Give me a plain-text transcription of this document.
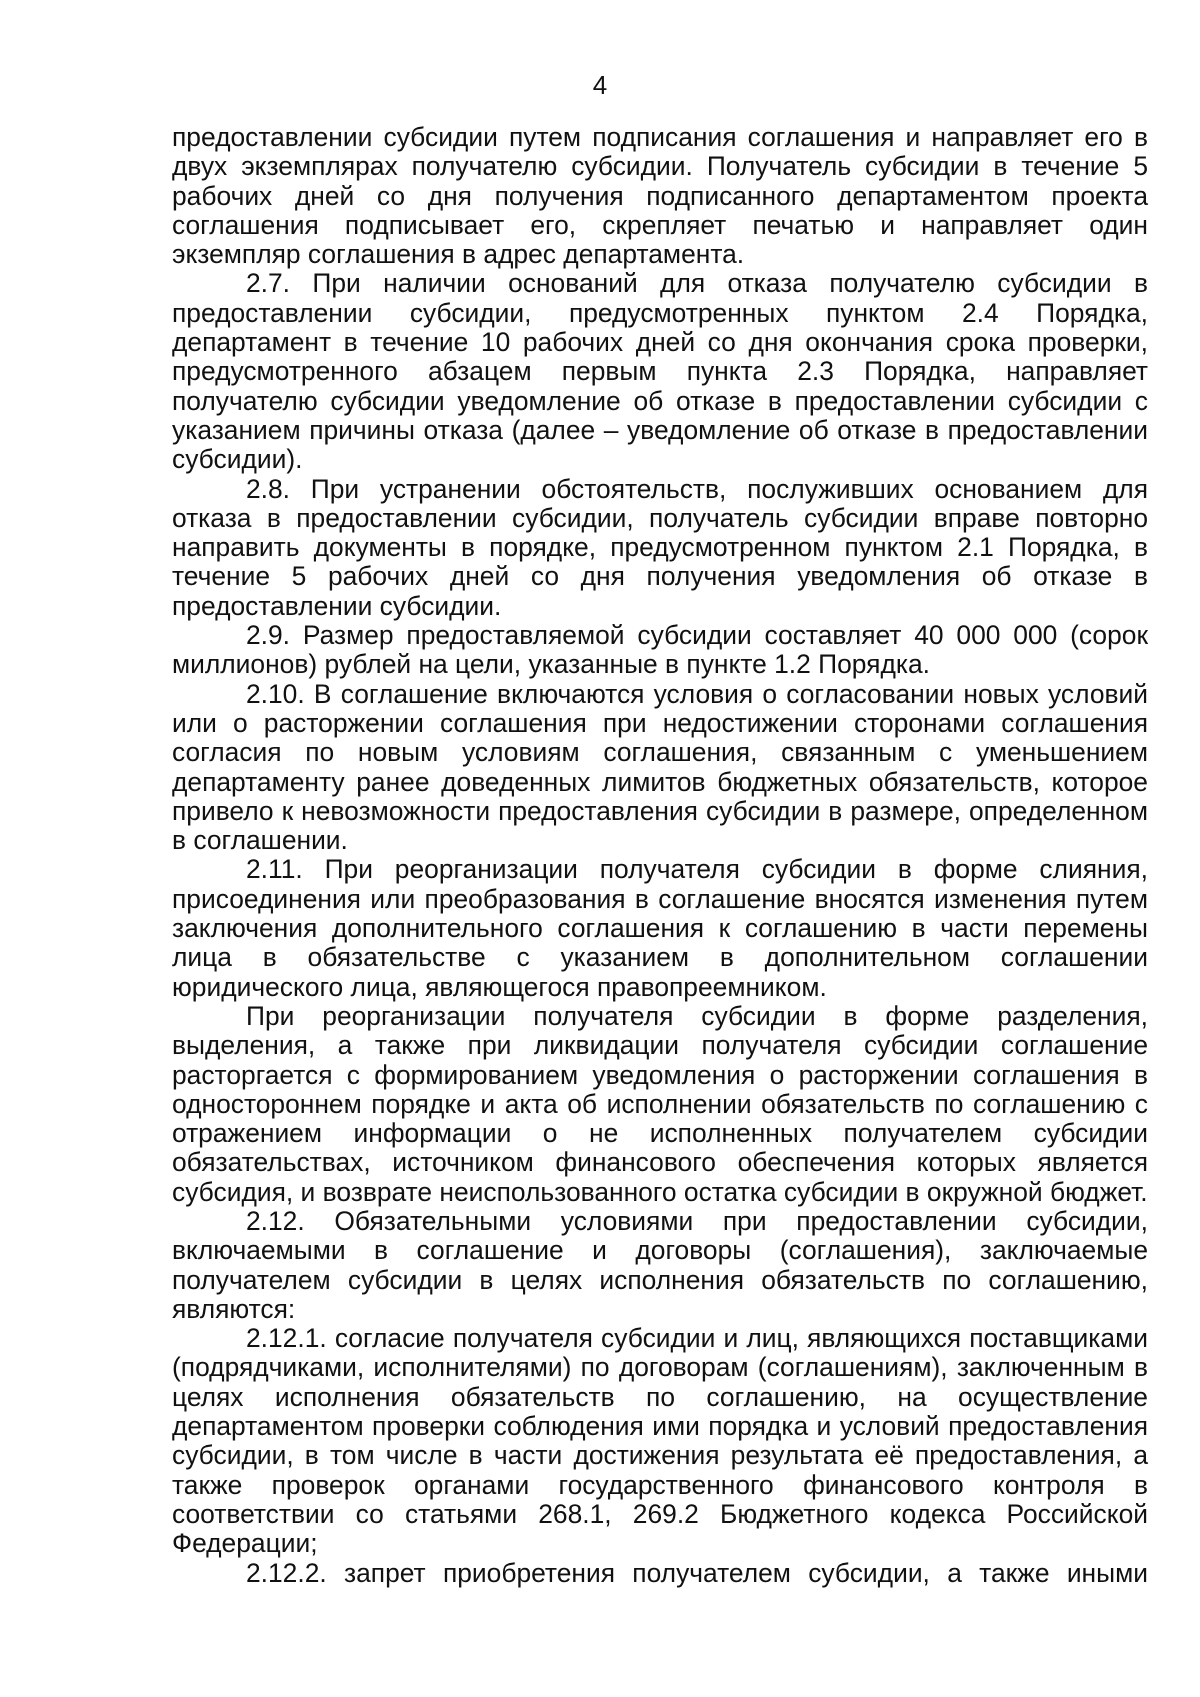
4

предоставлении субсидии путем подписания соглашения и направляет его в двух экземплярах получателю субсидии. Получатель субсидии в течение 5 рабочих дней со дня получения подписанного департаментом проекта соглашения подписывает его, скрепляет печатью и направляет один экземпляр соглашения в адрес департамента.

2.7. При наличии оснований для отказа получателю субсидии в предоставлении субсидии, предусмотренных пунктом 2.4 Порядка, департамент в течение 10 рабочих дней со дня окончания срока проверки, предусмотренного абзацем первым пункта 2.3 Порядка, направляет получателю субсидии уведомление об отказе в предоставлении субсидии с указанием причины отказа (далее – уведомление об отказе в предоставлении субсидии).

2.8. При устранении обстоятельств, послуживших основанием для отказа в предоставлении субсидии, получатель субсидии вправе повторно направить документы в порядке, предусмотренном пунктом 2.1 Порядка, в течение 5 рабочих дней со дня получения уведомления об отказе в предоставлении субсидии.

2.9. Размер предоставляемой субсидии составляет 40 000 000 (сорок миллионов) рублей на цели, указанные в пункте 1.2 Порядка.

2.10. В соглашение включаются условия о согласовании новых условий или о расторжении соглашения при недостижении сторонами соглашения согласия по новым условиям соглашения, связанным с уменьшением департаменту ранее доведенных лимитов бюджетных обязательств, которое привело к невозможности предоставления субсидии в размере, определенном в соглашении.

2.11. При реорганизации получателя субсидии в форме слияния, присоединения или преобразования в соглашение вносятся изменения путем заключения дополнительного соглашения к соглашению в части перемены лица в обязательстве с указанием в дополнительном соглашении юридического лица, являющегося правопреемником.

При реорганизации получателя субсидии в форме разделения, выделения, а также при ликвидации получателя субсидии соглашение расторгается с формированием уведомления о расторжении соглашения в одностороннем порядке и акта об исполнении обязательств по соглашению с отражением информации о не исполненных получателем субсидии обязательствах, источником финансового обеспечения которых является субсидия, и возврате неиспользованного остатка субсидии в окружной бюджет.

2.12. Обязательными условиями при предоставлении субсидии, включаемыми в соглашение и договоры (соглашения), заключаемые получателем субсидии в целях исполнения обязательств по соглашению, являются:

2.12.1. согласие получателя субсидии и лиц, являющихся поставщиками (подрядчиками, исполнителями) по договорам (соглашениям), заключенным в целях исполнения обязательств по соглашению, на осуществление департаментом проверки соблюдения ими порядка и условий предоставления субсидии, в том числе в части достижения результата её предоставления, а также проверок органами государственного финансового контроля в соответствии со статьями 268.1, 269.2 Бюджетного кодекса Российской Федерации;

2.12.2. запрет приобретения получателем субсидии, а также иными
